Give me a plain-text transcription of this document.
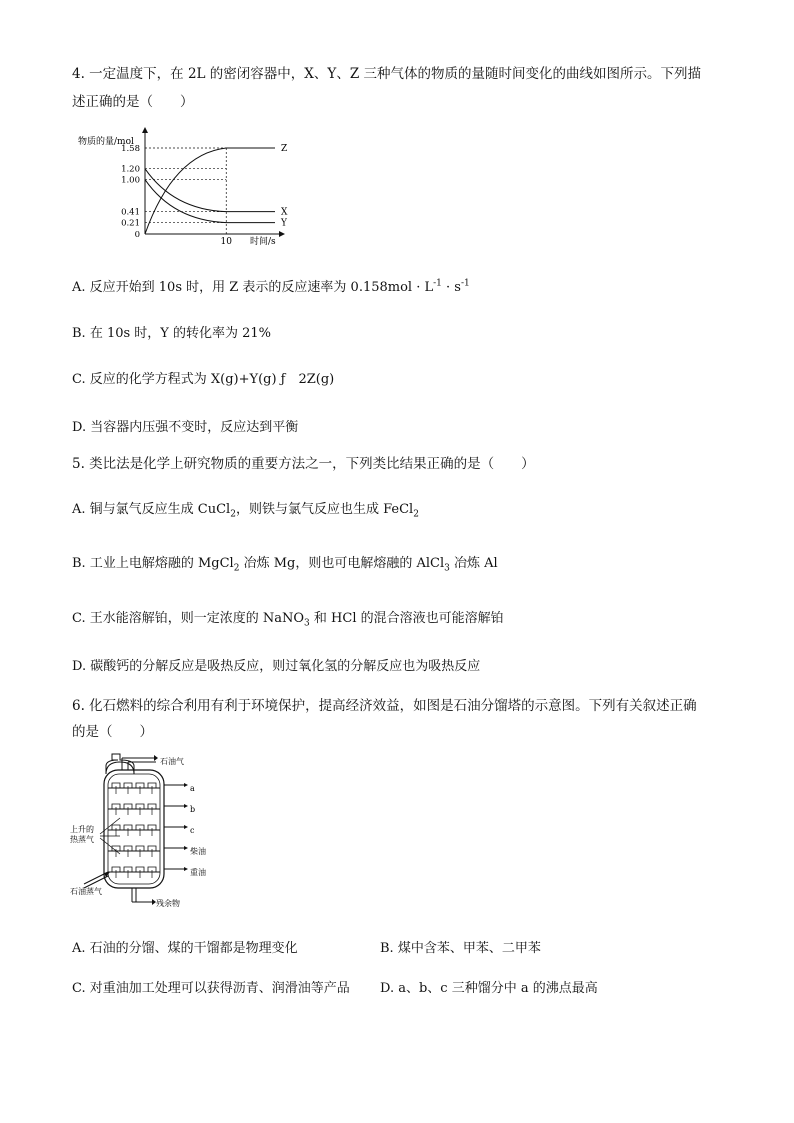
4. 一定温度下，在 2L 的密闭容器中，X、Y、Z 三种气体的物质的量随时间变化的曲线如图所示。下列描
述正确的是（　　）
物质的量/mol
1.58
1.20
1.00
0.41
0.21
0
Z
X
Y
10 时间/s
A. 反应开始到 10s 时，用 Z 表示的反应速率为 $0.158mol \cdot L^{-1} \cdot s^{-1}$
B. 在 10s 时，Y 的转化率为 21%
C. 反应的化学方程式为 X(g)+Y(g) ƒ　2Z(g)
D. 当容器内压强不变时，反应达到平衡
5. 类比法是化学上研究物质的重要方法之一，下列类比结果正确的是（　　）
A. 铜与氯气反应生成 CuCl$_2$，则铁与氯气反应也生成 FeCl$_2$
B. 工业上电解熔融的 MgCl$_2$ 冶炼 Mg，则也可电解熔融的 AlCl$_3$ 冶炼 Al
C. 王水能溶解铂，则一定浓度的 NaNO$_3$ 和 HCl 的混合溶液也可能溶解铂
D. 碳酸钙的分解反应是吸热反应，则过氧化氢的分解反应也为吸热反应
6. 化石燃料的综合利用有利于环境保护，提高经济效益，如图是石油分馏塔的示意图。下列有关叙述正确
的是（　　）
石油气
a
b
c
柴油
重油
上升的
热蒸气
石油蒸气
残余物
A. 石油的分馏、煤的干馏都是物理变化	B. 煤中含苯、甲苯、二甲苯
C. 对重油加工处理可以获得沥青、润滑油等产品 D. a、b、c 三种馏分中 a 的沸点最高
